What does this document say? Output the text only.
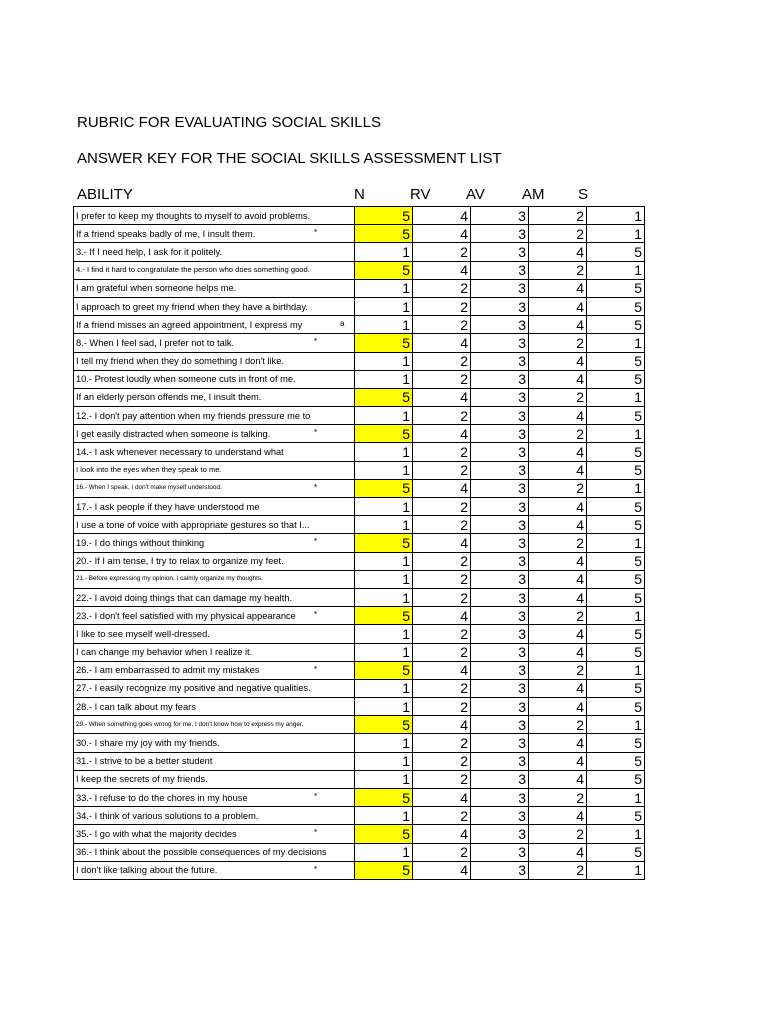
RUBRIC FOR EVALUATING SOCIAL SKILLS
ANSWER KEY FOR THE SOCIAL SKILLS ASSESSMENT LIST
ABILITY	N	RV AV AM S
I prefer to keep my thoughts to myself to avoid problems.	5	4	3	2	1
If a friend speaks badly of me, I insult them. *	5	4	3	2	1
3.- If I need help, I ask for it politely.	1	2	3	4	5
4.- I find it hard to congratulate the person who does something good.	5	4	3	2	1
I am grateful when someone helps me.	1	2	3	4	5
I approach to greet my friend when they have a birthday.	1	2	3	4	5
If a friend misses an agreed appointment, I express my a	1	2	3	4	5
8.- When I feel sad, I prefer not to talk. *	5	4	3	2	1
I tell my friend when they do something I don't like.	1	2	3	4	5
10.- Protest loudly when someone cuts in front of me.	1	2	3	4	5
If an elderly person offends me, I insult them.	5	4	3	2	1
12.- I don't pay attention when my friends pressure me to	1	2	3	4	5
I get easily distracted when someone is talking. *	5	4	3	2	1
14.- I ask whenever necessary to understand what	1	2	3	4	5
I look into the eyes when they speak to me.	1	2	3	4	5
16.- When I speak, I don't make myself understood. *	5	4	3	2	1
17.- I ask people if they have understood me	1	2	3	4	5
I use a tone of voice with appropriate gestures so that I...	1	2	3	4	5
19.- I do things without thinking *	5	4	3	2	1
20.- If I am tense, I try to relax to organize my feet.	1	2	3	4	5
21.- Before expressing my opinion, I calmly organize my thoughts.	1	2	3	4	5
22.- I avoid doing things that can damage my health.	1	2	3	4	5
23.- I don't feel satisfied with my physical appearance *	5	4	3	2	1
I like to see myself well-dressed.	1	2	3	4	5
I can change my behavior when I realize it.	1	2	3	4	5
26.- I am embarrassed to admit my mistakes *	5	4	3	2	1
27.- I easily recognize my positive and negative qualities.	1	2	3	4	5
28.- I can talk about my fears	1	2	3	4	5
29.- When something goes wrong for me, I don't know how to express my anger.	5	4	3	2	1
30.- I share my joy with my friends.	1	2	3	4	5
31.- I strive to be a better student	1	2	3	4	5
I keep the secrets of my friends.	1	2	3	4	5
33.- I refuse to do the chores in my house *	5	4	3	2	1
34.- I think of various solutions to a problem.	1	2	3	4	5
35.- I go with what the majority decides *	5	4	3	2	1
36.- I think about the possible consequences of my decisions	1	2	3	4	5
I don't like talking about the future. *	5	4	3	2	1
